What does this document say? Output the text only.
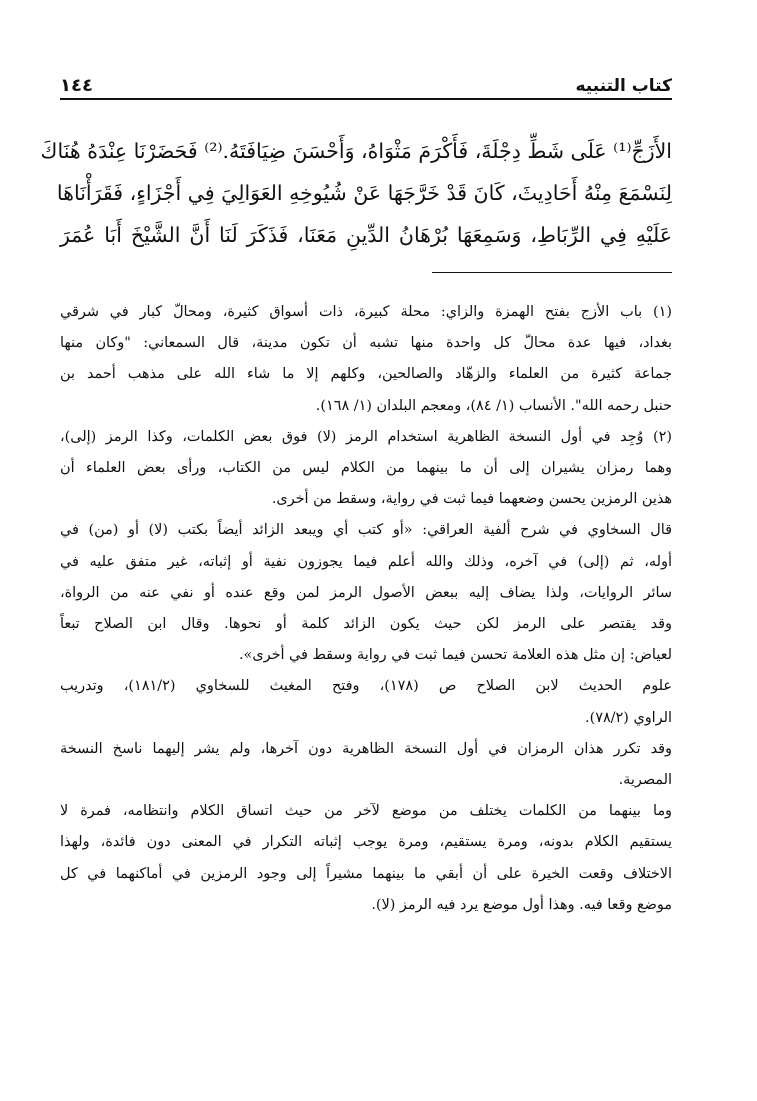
كتاب التنبيه
١٤٤
الأَزَجِّ⁽¹⁾ عَلَى شَطِّ دِجْلَةَ، فَأَكْرَمَ مَثْوَاهُ، وَأَحْسَنَ ضِيَافَتَهُ.⁽²⁾ فَحَضَرْنَا عِنْدَهُ هُنَاكَ
لِنَسْمَعَ مِنْهُ أَحَادِيثَ، كَانَ قَدْ خَرَّجَهَا عَنْ شُيُوخِهِ العَوَالِيَ فِي أَجْزَاءٍ، فَقَرَأْنَاهَا
عَلَيْهِ فِي الرِّبَاطِ، وَسَمِعَهَا بُرْهَانُ الدِّينِ مَعَنَا، فَذَكَرَ لَنَا أَنَّ الشَّيْخَ أَبَا عُمَرَ
(١) باب الأزج بفتح الهمزة والزاي: محلة كبيرة، ذات أسواق كثيرة، ومحالّ كبار في شرقي
بغداد، فيها عدة محالّ كل واحدة منها تشبه أن تكون مدينة، قال السمعاني: "وكان منها
جماعة كثيرة من العلماء والزهّاد والصالحين، وكلهم إلا ما شاء الله على مذهب أحمد بن
حنبل رحمه الله". الأنساب (١/ ٨٤)، ومعجم البلدان (١/ ١٦٨).
(٢) وُجِد في أول النسخة الظاهرية استخدام الرمز (لا) فوق بعض الكلمات، وكذا الرمز (إلى)،
وهما رمزان يشيران إلى أن ما بينهما من الكلام ليس من الكتاب، ورأى بعض العلماء أن
هذين الرمزين يحسن وضعهما فيما ثبت في رواية، وسقط من أخرى.
قال السخاوي في شرح ألفية العراقي: «أو كتب أي ويبعد الزائد أيضاً بكتب (لا) أو (من) في
أوله، ثم (إلى) في آخره، وذلك والله أعلم فيما يجوزون نفية أو إثباته، غير متفق عليه في
سائر الروايات، ولذا يضاف إليه ببعض الأصول الرمز لمن وقع عنده أو نفي عنه من الرواة،
وقد يقتصر على الرمز لكن حيث يكون الزائد كلمة أو نحوها. وقال ابن الصلاح تبعاً
لعياض: إن مثل هذه العلامة تحسن فيما ثبت في رواية وسقط في أخرى».
علوم الحديث لابن الصلاح ص (١٧٨)، وفتح المغيث للسخاوي (١٨١/٢)، وتدريب
الراوي (٧٨/٢).
وقد تكرر هذان الرمزان في أول النسخة الظاهرية دون آخرها، ولم يشر إليهما ناسخ النسخة
المصرية.
وما بينهما من الكلمات يختلف من موضع لآخر من حيث اتساق الكلام وانتظامه، فمرة لا
يستقيم الكلام بدونه، ومرة يستقيم، ومرة يوجب إثباته التكرار في المعنى دون فائدة، ولهذا
الاختلاف وقعت الخيرة على أن أبقي ما بينهما مشيراً إلى وجود الرمزين في أماكنهما في كل
موضع وقعا فيه. وهذا أول موضع يرد فيه الرمز (لا).
